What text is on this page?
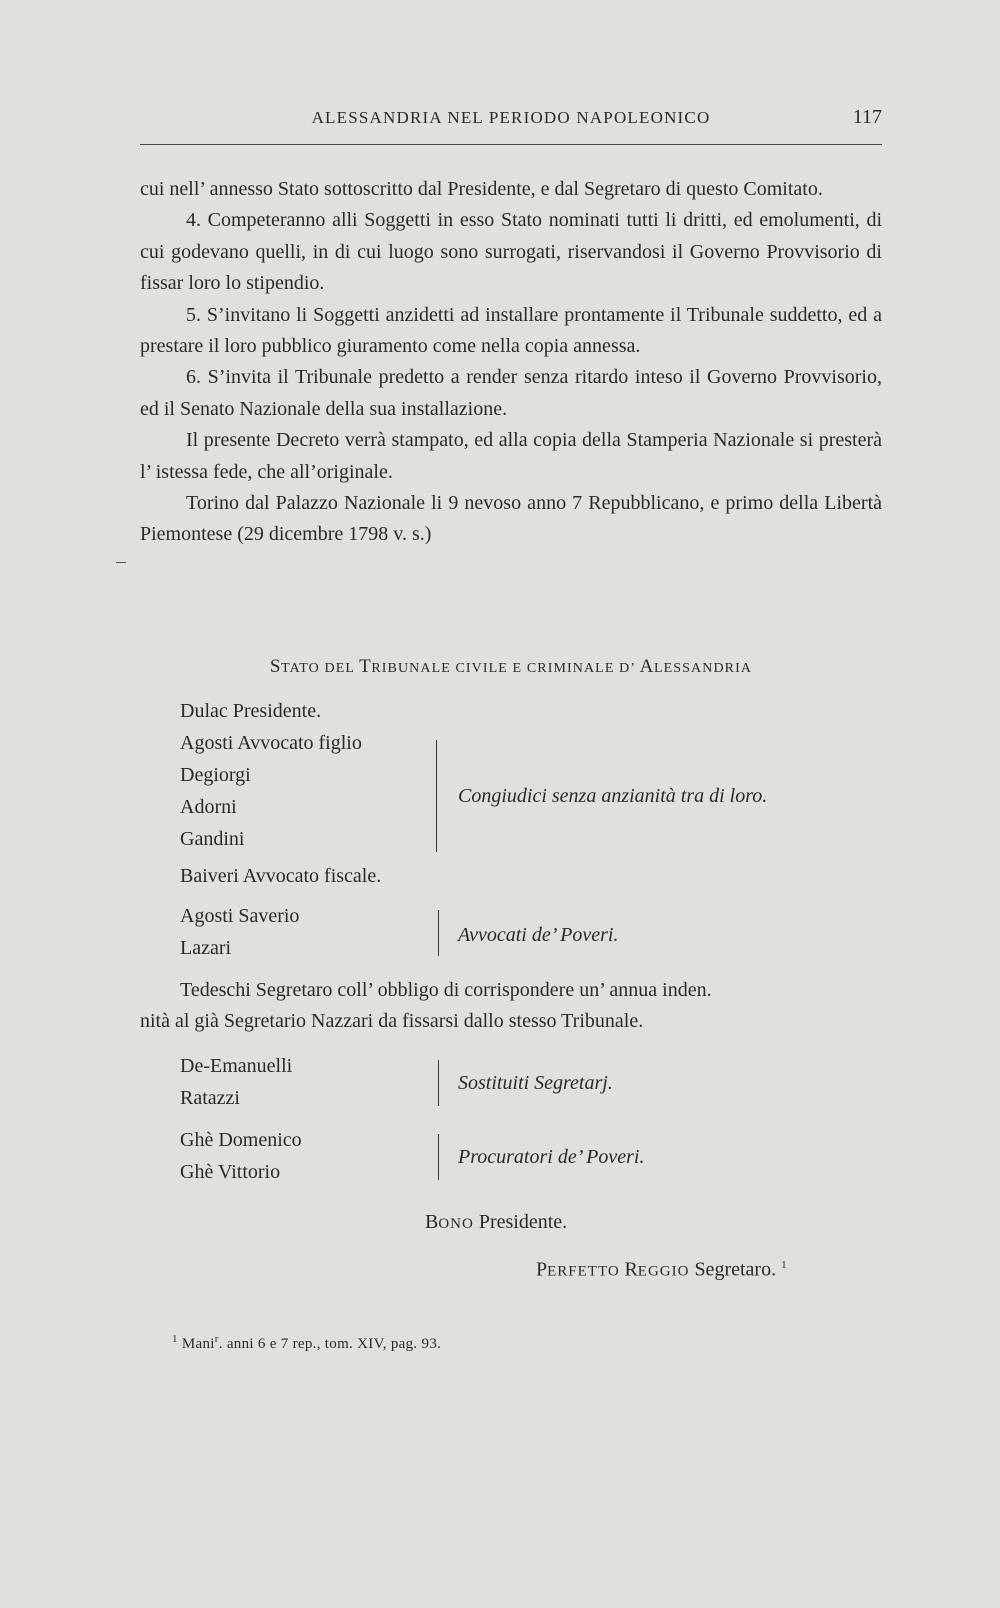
ALESSANDRIA NEL PERIODO NAPOLEONICO	117

cui nell’ annesso Stato sottoscritto dal Presidente, e dal Segretaro di questo Comitato.

4. Competeranno alli Soggetti in esso Stato nominati tutti li dritti, ed emolumenti, di cui godevano quelli, in di cui luogo sono surrogati, riservandosi il Governo Provvisorio di fissar loro lo stipendio.

5. S’invitano li Soggetti anzidetti ad installare prontamente il Tribunale suddetto, ed a prestare il loro pubblico giuramento come nella copia annessa.

6. S’invita il Tribunale predetto a render senza ritardo inteso il Governo Provvisorio, ed il Senato Nazionale della sua installazione.

Il presente Decreto verrà stampato, ed alla copia della Stamperia Nazionale si presterà l’ istessa fede, che all’originale.

Torino dal Palazzo Nazionale li 9 nevoso anno 7 Repubblicano, e primo della Libertà Piemontese (29 dicembre 1798 v. s.)

STATO DEL TRIBUNALE CIVILE E CRIMINALE D’ ALESSANDRIA
Dulac Presidente.
Agosti Avvocato figlio
Degiorgi
Adorni
Gandini
Congiudici senza anzianità tra di loro.
Baiveri Avvocato fiscale.
Agosti Saverio
Lazari
Avvocati de’ Poveri.
Tedeschi Segretaro coll’ obbligo di corrispondere un’ annua inden.
nità al già Segretario Nazzari da fissarsi dallo stesso Tribunale.
De-Emanuelli
Ratazzi
Sostituiti Segretarj.
Ghè Domenico
Ghè Vittorio
Procuratori de’ Poveri.
BONO Presidente.
PERFETTO REGGIO Segretaro. $^1$
$^1$ Mani$^r$. anni 6 e 7 rep., tom. XIV, pag. 93.
